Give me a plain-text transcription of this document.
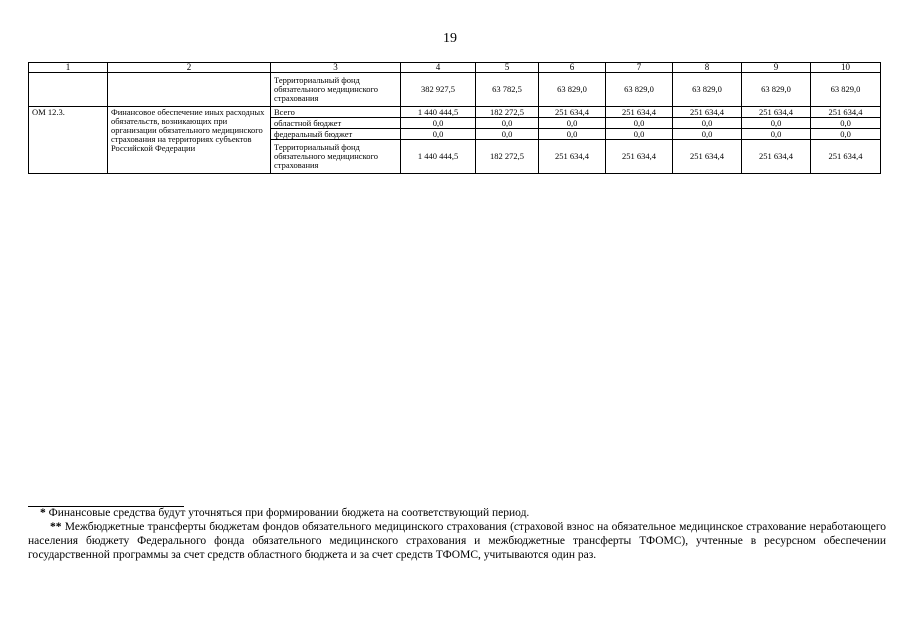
19
1	2	3	4	5	6	7	8	9	10
		Территориальный фонд обязательного медицинского страхования	382 927,5	63 782,5	63 829,0	63 829,0	63 829,0	63 829,0	63 829,0
ОМ 12.3.	Финансовое обеспечение иных расходных обязательств, возникающих при организации обязательного медицинского страхования на территориях субъектов Российской Федерации	Всего	1 440 444,5	182 272,5	251 634,4	251 634,4	251 634,4	251 634,4	251 634,4
		областной бюджет	0,0	0,0	0,0	0,0	0,0	0,0	0,0
		федеральный бюджет	0,0	0,0	0,0	0,0	0,0	0,0	0,0
		Территориальный фонд обязательного медицинского страхования	1 440 444,5	182 272,5	251 634,4	251 634,4	251 634,4	251 634,4	251 634,4
* Финансовые средства будут уточняться при формировании бюджета на соответствующий период.
** Межбюджетные трансферты бюджетам фондов обязательного медицинского страхования (страховой взнос на обязательное медицинское страхование неработающего населения бюджету Федерального фонда обязательного медицинского страхования и межбюджетные трансферты ТФОМС), учтенные в ресурсном обеспечении государственной программы за счет средств областного бюджета и за счет средств ТФОМС, учитываются один раз.
